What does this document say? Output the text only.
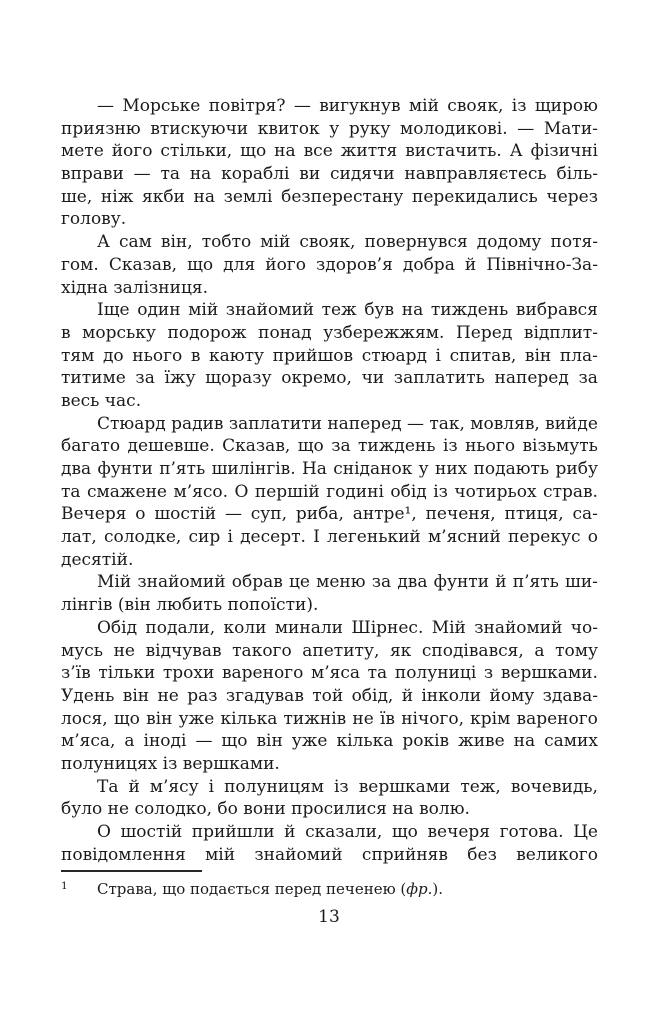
— Морське повітря? — вигукнув мій свояк, із щирою
приязню втискуючи квиток у руку молодикові. — Мати-
мете його стільки, що на все життя вистачить. А фізичні
вправи — та на кораблі ви сидячи навправляєтесь біль-
ше, ніж якби на землі безперестану перекидались через
голову.
А сам він, тобто мій свояк, повернувся додому потя-
гом. Сказав, що для його здоров’я добра й Північно-За-
хідна залізниця.
Іще один мій знайомий теж був на тиждень вибрався
в морську подорож понад узбережжям. Перед відплит-
тям до нього в каюту прийшов стюард і спитав, він пла-
титиме за їжу щоразу окремо, чи заплатить наперед за
весь час.
Стюард радив заплатити наперед — так, мовляв, вийде
багато дешевше. Сказав, що за тиждень із нього візьмуть
два фунти п’ять шилінгів. На сніданок у них подають рибу
та смажене м’ясо. О першій годині обід із чотирьох страв.
Вечеря о шостій — суп, риба, антре¹, печеня, птиця, са-
лат, солодке, сир і десерт. І легенький м’ясний перекус о
десятій.
Мій знайомий обрав це меню за два фунти й п’ять ши-
лінгів (він любить попоїсти).
Обід подали, коли минали Шірнес. Мій знайомий чо-
мусь не відчував такого апетиту, як сподівався, а тому
з’їв тільки трохи вареного м’яса та полуниці з вершками.
Удень він не раз згадував той обід, й інколи йому здава-
лося, що він уже кілька тижнів не їв нічого, крім вареного
м’яса, а іноді — що він уже кілька років живе на самих
полуницях із вершками.
Та й м’ясу і полуницям із вершками теж, вочевидь,
було не солодко, бо вони просилися на волю.
О шостій прийшли й сказали, що вечеря готова. Це
повідомлення мій знайомий сприйняв без великого
1 Страва, що подається перед печенею (фр.).
13
